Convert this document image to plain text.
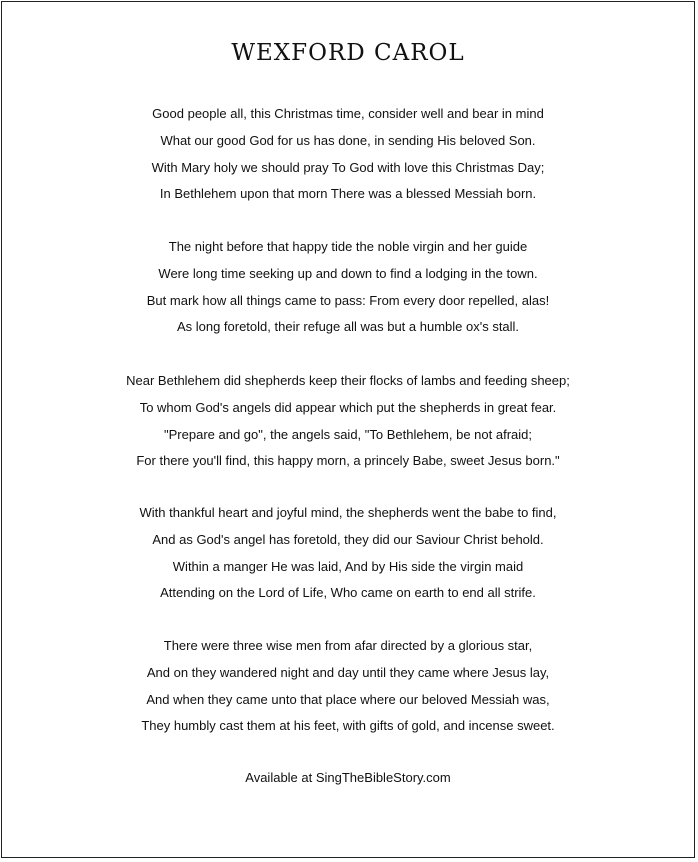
WEXFORD CAROL
Good people all, this Christmas time, consider well and bear in mind
What our good God for us has done, in sending His beloved Son.
With Mary holy we should pray To God with love this Christmas Day;
In Bethlehem upon that morn There was a blessed Messiah born.
The night before that happy tide the noble virgin and her guide
Were long time seeking up and down to find a lodging in the town.
But mark how all things came to pass: From every door repelled, alas!
As long foretold, their refuge all was but a humble ox's stall.
Near Bethlehem did shepherds keep their flocks of lambs and feeding sheep;
To whom God's angels did appear which put the shepherds in great fear.
"Prepare and go", the angels said, "To Bethlehem, be not afraid;
For there you'll find, this happy morn, a princely Babe, sweet Jesus born."
With thankful heart and joyful mind, the shepherds went the babe to find,
And as God's angel has foretold, they did our Saviour Christ behold.
Within a manger He was laid, And by His side the virgin maid
Attending on the Lord of Life, Who came on earth to end all strife.
There were three wise men from afar directed by a glorious star,
And on they wandered night and day until they came where Jesus lay,
And when they came unto that place where our beloved Messiah was,
They humbly cast them at his feet, with gifts of gold, and incense sweet.

Available at SingTheBibleStory.com
